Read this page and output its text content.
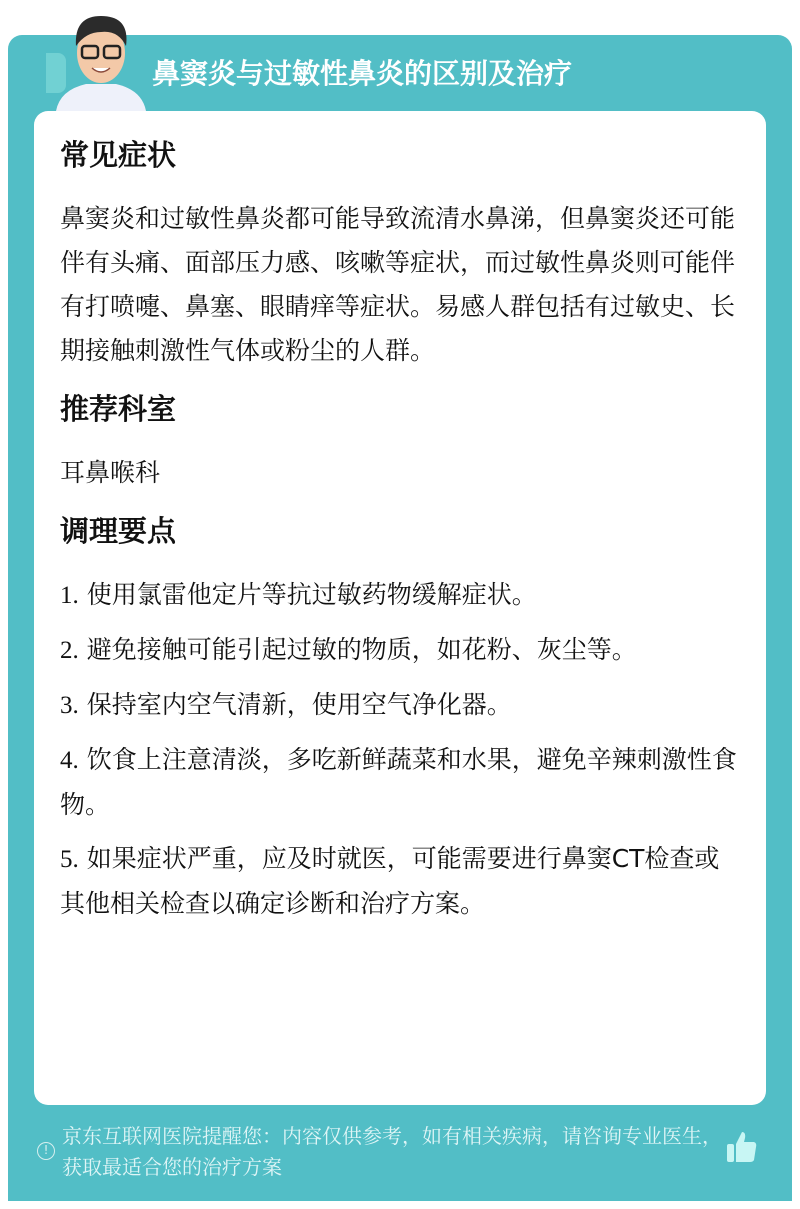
鼻窦炎与过敏性鼻炎的区别及治疗
常见症状

鼻窦炎和过敏性鼻炎都可能导致流清水鼻涕，但鼻窦炎还可能伴有头痛、面部压力感、咳嗽等症状，而过敏性鼻炎则可能伴有打喷嚏、鼻塞、眼睛痒等症状。易感人群包括有过敏史、长期接触刺激性气体或粉尘的人群。

推荐科室

耳鼻喉科

调理要点

1. 使用氯雷他定片等抗过敏药物缓解症状。

2. 避免接触可能引起过敏的物质，如花粉、灰尘等。

3. 保持室内空气清新，使用空气净化器。

4. 饮食上注意清淡，多吃新鲜蔬菜和水果，避免辛辣刺激性食物。

5. 如果症状严重，应及时就医，可能需要进行鼻窦CT检查或其他相关检查以确定诊断和治疗方案。

!
京东互联网医院提醒您：内容仅供参考，如有相关疾病，请咨询专业医生，获取最适合您的治疗方案
